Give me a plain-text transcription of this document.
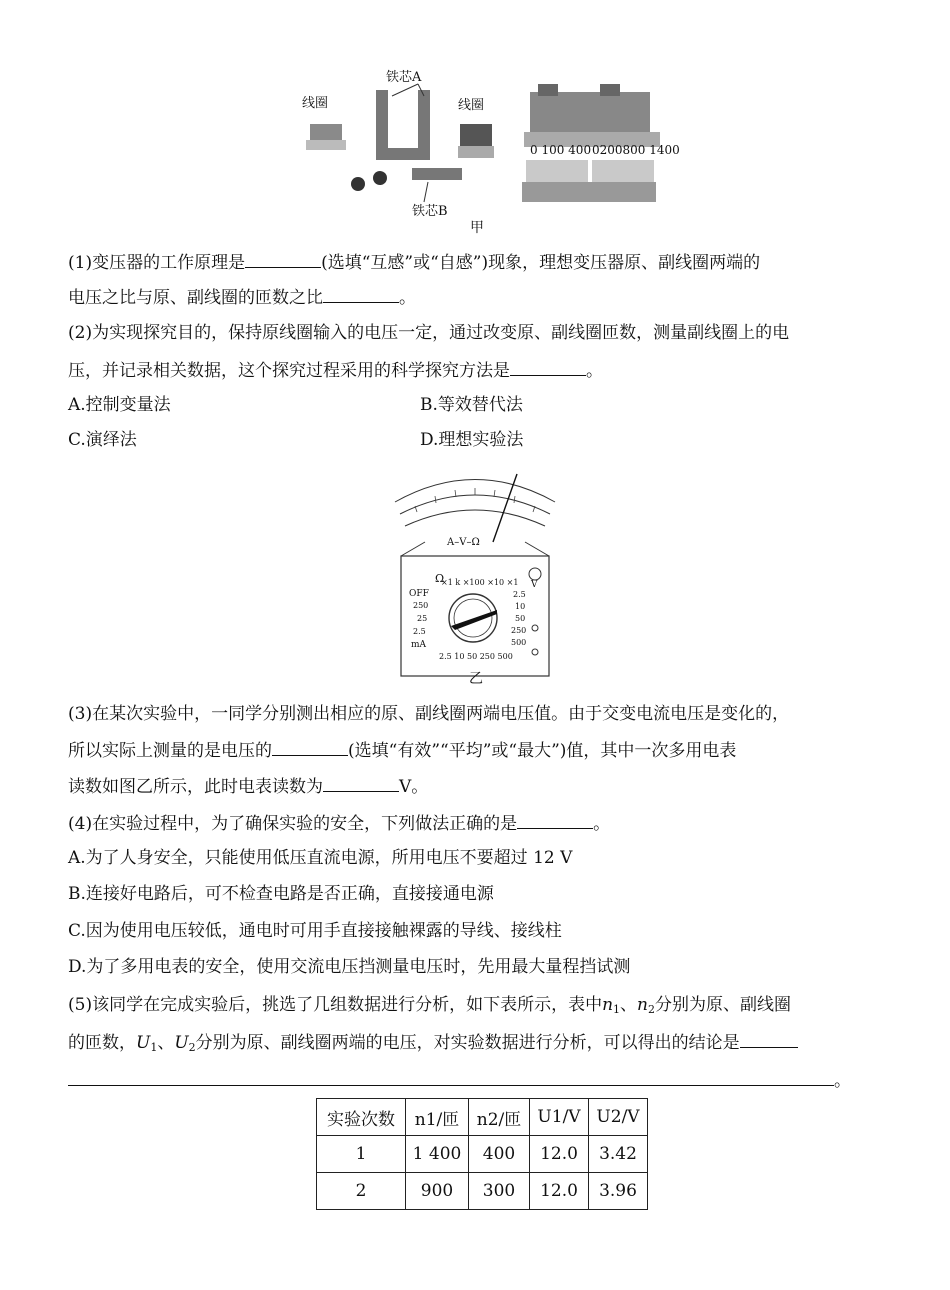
线圈
铁芯A
线圈
铁芯B
0 100 400 0200800 1400
甲
(1)变压器的工作原理是	(选填“互感”或“自感”)现象，理想变压器原、副线圈两端的
电压之比与原、副线圈的匝数之比	。
(2)为实现探究目的，保持原线圈输入的电压一定，通过改变原、副线圈匝数，测量副线圈上的电
压，并记录相关数据，这个探究过程采用的科学探究方法是	。
A.控制变量法	B.等效替代法
C.演绎法	D.理想实验法
A–V–Ω
Ω
×1 k ×100 ×10 ×1
OFF
250
25
2.5
mA
2.5 10 50 250 500
V
2.5
10
50
250
500
乙
(3)在某次实验中，一同学分别测出相应的原、副线圈两端电压值。由于交变电流电压是变化的，
所以实际上测量的是电压的	(选填“有效”“平均”或“最大”)值，其中一次多用电表
读数如图乙所示，此时电表读数为	V。
(4)在实验过程中，为了确保实验的安全，下列做法正确的是	。
A.为了人身安全，只能使用低压直流电源，所用电压不要超过 12 V
B.连接好电路后，可不检查电路是否正确，直接接通电源
C.因为使用电压较低，通电时可用手直接接触裸露的导线、接线柱
D.为了多用电表的安全，使用交流电压挡测量电压时，先用最大量程挡试测
(5)该同学在完成实验后，挑选了几组数据进行分析，如下表所示，表中$n_1$、$n_2$分别为原、副线圈
的匝数，$U_1$、$U_2$分别为原、副线圈两端的电压，对实验数据进行分析，可以得出的结论是
。
实验次数	n1/匝	n2/匝	U1/V	U2/V
1	1 400	400	12.0	3.42
2	900	300	12.0	3.96
